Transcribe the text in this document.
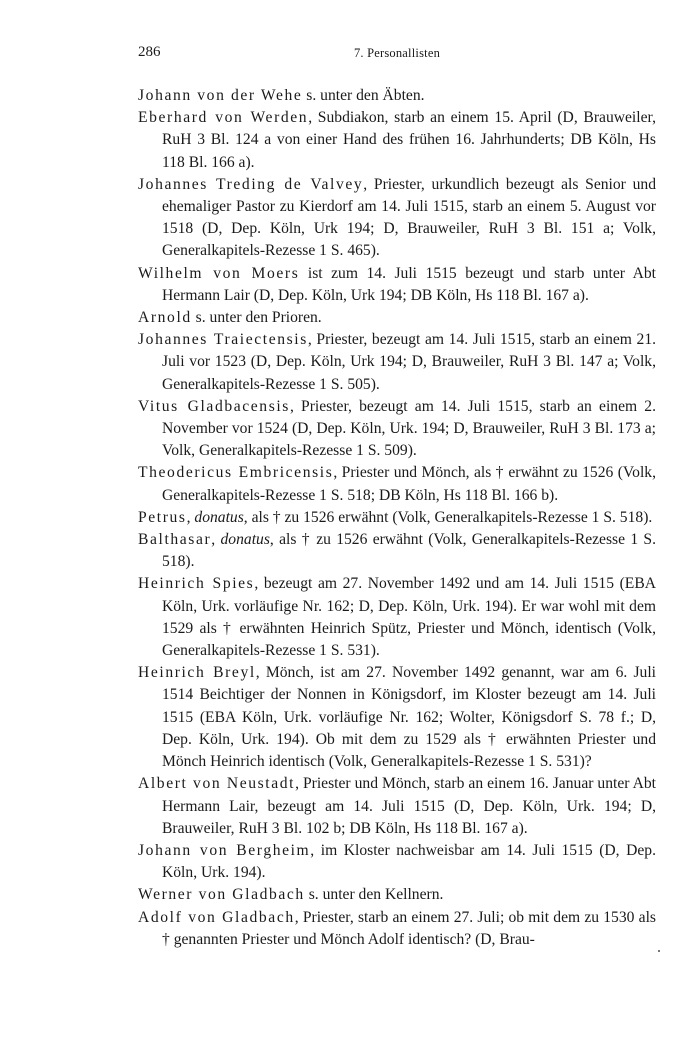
286	7. Personallisten

Johann von der Wehe s. unter den Äbten.

Eberhard von Werden, Subdiakon, starb an einem 15. April (D, Brauweiler, RuH 3 Bl. 124 a von einer Hand des frühen 16. Jahrhunderts; DB Köln, Hs 118 Bl. 166 a).

Johannes Treding de Valvey, Priester, urkundlich bezeugt als Senior und ehemaliger Pastor zu Kierdorf am 14. Juli 1515, starb an einem 5. August vor 1518 (D, Dep. Köln, Urk 194; D, Brauweiler, RuH 3 Bl. 151 a; Volk, Generalkapitels-Rezesse 1 S. 465).

Wilhelm von Moers ist zum 14. Juli 1515 bezeugt und starb unter Abt Hermann Lair (D, Dep. Köln, Urk 194; DB Köln, Hs 118 Bl. 167 a).

Arnold s. unter den Prioren.

Johannes Traiectensis, Priester, bezeugt am 14. Juli 1515, starb an einem 21. Juli vor 1523 (D, Dep. Köln, Urk 194; D, Brauweiler, RuH 3 Bl. 147 a; Volk, Generalkapitels-Rezesse 1 S. 505).

Vitus Gladbacensis, Priester, bezeugt am 14. Juli 1515, starb an einem 2. November vor 1524 (D, Dep. Köln, Urk. 194; D, Brauweiler, RuH 3 Bl. 173 a; Volk, Generalkapitels-Rezesse 1 S. 509).

Theodericus Embricensis, Priester und Mönch, als † erwähnt zu 1526 (Volk, Generalkapitels-Rezesse 1 S. 518; DB Köln, Hs 118 Bl. 166 b).

Petrus, donatus, als † zu 1526 erwähnt (Volk, Generalkapitels-Rezesse 1 S. 518).

Balthasar, donatus, als † zu 1526 erwähnt (Volk, Generalkapitels-Rezesse 1 S. 518).

Heinrich Spies, bezeugt am 27. November 1492 und am 14. Juli 1515 (EBA Köln, Urk. vorläufige Nr. 162; D, Dep. Köln, Urk. 194). Er war wohl mit dem 1529 als † erwähnten Heinrich Spütz, Priester und Mönch, identisch (Volk, Generalkapitels-Rezesse 1 S. 531).

Heinrich Breyl, Mönch, ist am 27. November 1492 genannt, war am 6. Juli 1514 Beichtiger der Nonnen in Königsdorf, im Kloster bezeugt am 14. Juli 1515 (EBA Köln, Urk. vorläufige Nr. 162; Wolter, Königsdorf S. 78 f.; D, Dep. Köln, Urk. 194). Ob mit dem zu 1529 als † erwähnten Priester und Mönch Heinrich identisch (Volk, Generalkapitels-Rezesse 1 S. 531)?

Albert von Neustadt, Priester und Mönch, starb an einem 16. Januar unter Abt Hermann Lair, bezeugt am 14. Juli 1515 (D, Dep. Köln, Urk. 194; D, Brauweiler, RuH 3 Bl. 102 b; DB Köln, Hs 118 Bl. 167 a).

Johann von Bergheim, im Kloster nachweisbar am 14. Juli 1515 (D, Dep. Köln, Urk. 194).

Werner von Gladbach s. unter den Kellnern.

Adolf von Gladbach, Priester, starb an einem 27. Juli; ob mit dem zu 1530 als † genannten Priester und Mönch Adolf identisch? (D, Brau-
